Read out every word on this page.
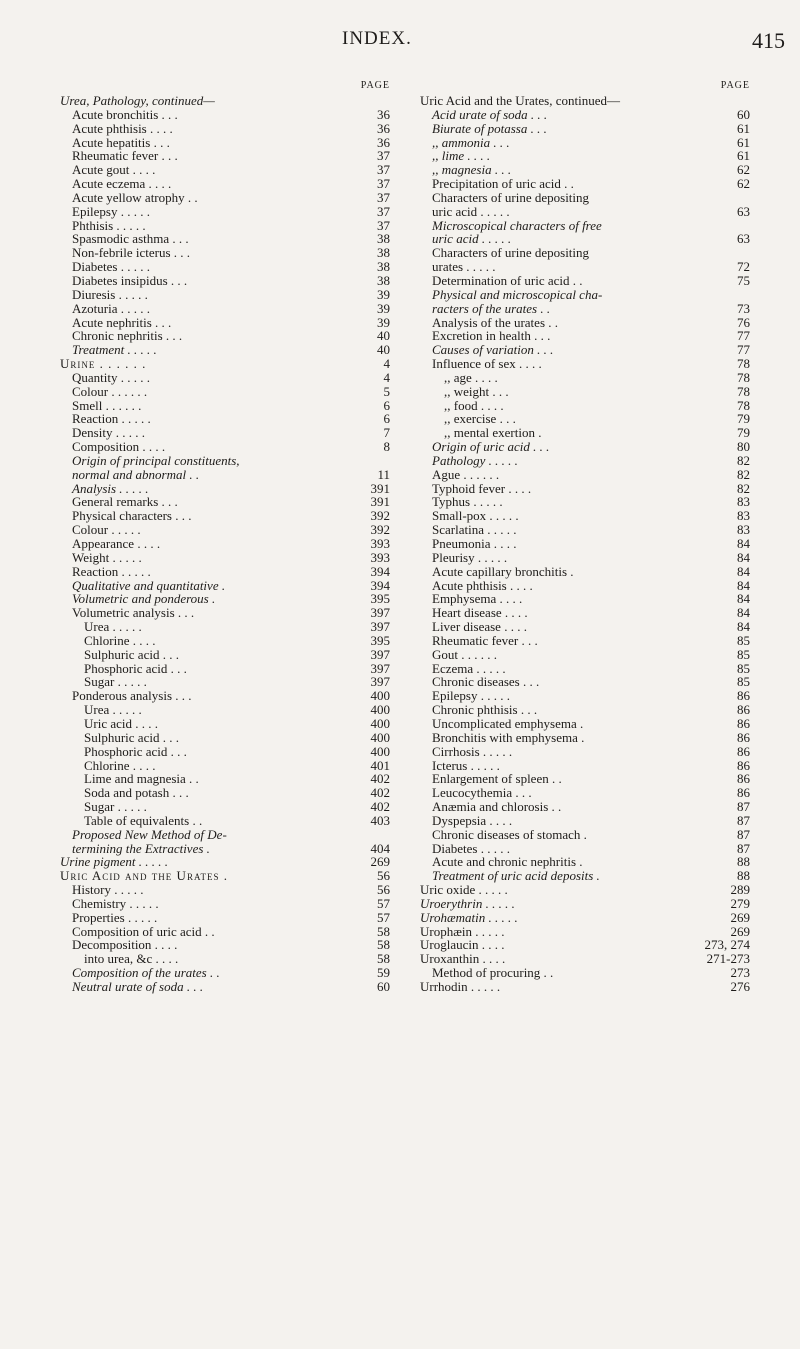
INDEX.	415
PAGE
Urea, Pathology, continued—
Acute bronchitis . . .	36
Acute phthisis . . . .	36
Acute hepatitis . . .	36
Rheumatic fever . . .	37
Acute gout . . . .	37
Acute eczema . . . .	37
Acute yellow atrophy . .	37
Epilepsy . . . . .	37
Phthisis . . . . .	37
Spasmodic asthma . . .	38
Non-febrile icterus . . .	38
Diabetes . . . . .	38
Diabetes insipidus . . .	38
Diuresis . . . . .	39
Azoturia . . . . .	39
Acute nephritis . . .	39
Chronic nephritis . . .	40
Treatment . . . . .	40
Urine . . . . . .	4
Quantity . . . . .	4
Colour . . . . . .	5
Smell . . . . . .	6
Reaction . . . . .	6
Density . . . . .	7
Composition . . . .	8
Origin of principal constituents,
normal and abnormal . .	11
Analysis . . . . .	391
General remarks . . .	391
Physical characters . . .	392
Colour . . . . .	392
Appearance . . . .	393
Weight . . . . .	393
Reaction . . . . .	394
Qualitative and quantitative .	394
Volumetric and ponderous .	395
Volumetric analysis . . .	397
Urea . . . . .	397
Chlorine . . . .	395
Sulphuric acid . . .	397
Phosphoric acid . . .	397
Sugar . . . . .	397
Ponderous analysis . . .	400
Urea . . . . .	400
Uric acid . . . .	400
Sulphuric acid . . .	400
Phosphoric acid . . .	400
Chlorine . . . .	401
Lime and magnesia . .	402
Soda and potash . . .	402
Sugar . . . . .	402
Table of equivalents . .	403
Proposed New Method of De-
termining the Extractives .	404
Urine pigment . . . . .	269
Uric Acid and the Urates .	56
History . . . . .	56
Chemistry . . . . .	57
Properties . . . . .	57
Composition of uric acid . .	58
Decomposition . . . .	58
into urea, &c . . . .	58
Composition of the urates . .	59
Neutral urate of soda . . .	60
PAGE
Uric Acid and the Urates, continued—
Acid urate of soda . . .	60
Biurate of potassa . . .	61
,, ammonia . . .	61
,, lime . . . .	61
,, magnesia . . .	62
Precipitation of uric acid . .	62
Characters of urine depositing
uric acid . . . . .	63
Microscopical characters of free
uric acid . . . . .	63
Characters of urine depositing
urates . . . . .	72
Determination of uric acid . .	75
Physical and microscopical cha-
racters of the urates . .	73
Analysis of the urates . .	76
Excretion in health . . .	77
Causes of variation . . .	77
Influence of sex . . . .	78
,, age . . . .	78
,, weight . . .	78
,, food . . . .	78
,, exercise . . .	79
,, mental exertion .	79
Origin of uric acid . . .	80
Pathology . . . . .	82
Ague . . . . . .	82
Typhoid fever . . . .	82
Typhus . . . . .	83
Small-pox . . . . .	83
Scarlatina . . . . .	83
Pneumonia . . . .	84
Pleurisy . . . . .	84
Acute capillary bronchitis .	84
Acute phthisis . . . .	84
Emphysema . . . .	84
Heart disease . . . .	84
Liver disease . . . .	84
Rheumatic fever . . .	85
Gout . . . . . .	85
Eczema . . . . .	85
Chronic diseases . . .	85
Epilepsy . . . . .	86
Chronic phthisis . . .	86
Uncomplicated emphysema .	86
Bronchitis with emphysema .	86
Cirrhosis . . . . .	86
Icterus . . . . .	86
Enlargement of spleen . .	86
Leucocythemia . . .	86
Anæmia and chlorosis . .	87
Dyspepsia . . . .	87
Chronic diseases of stomach .	87
Diabetes . . . . .	87
Acute and chronic nephritis .	88
Treatment of uric acid deposits .	88
Uric oxide . . . . .	289
Uroerythrin . . . . .	279
Urohæmatin . . . . .	269
Urophæin . . . . .	269
Uroglaucin . . . .	273, 274
Uroxanthin . . . .	271-273
Method of procuring . .	273
Urrhodin . . . . .	276
